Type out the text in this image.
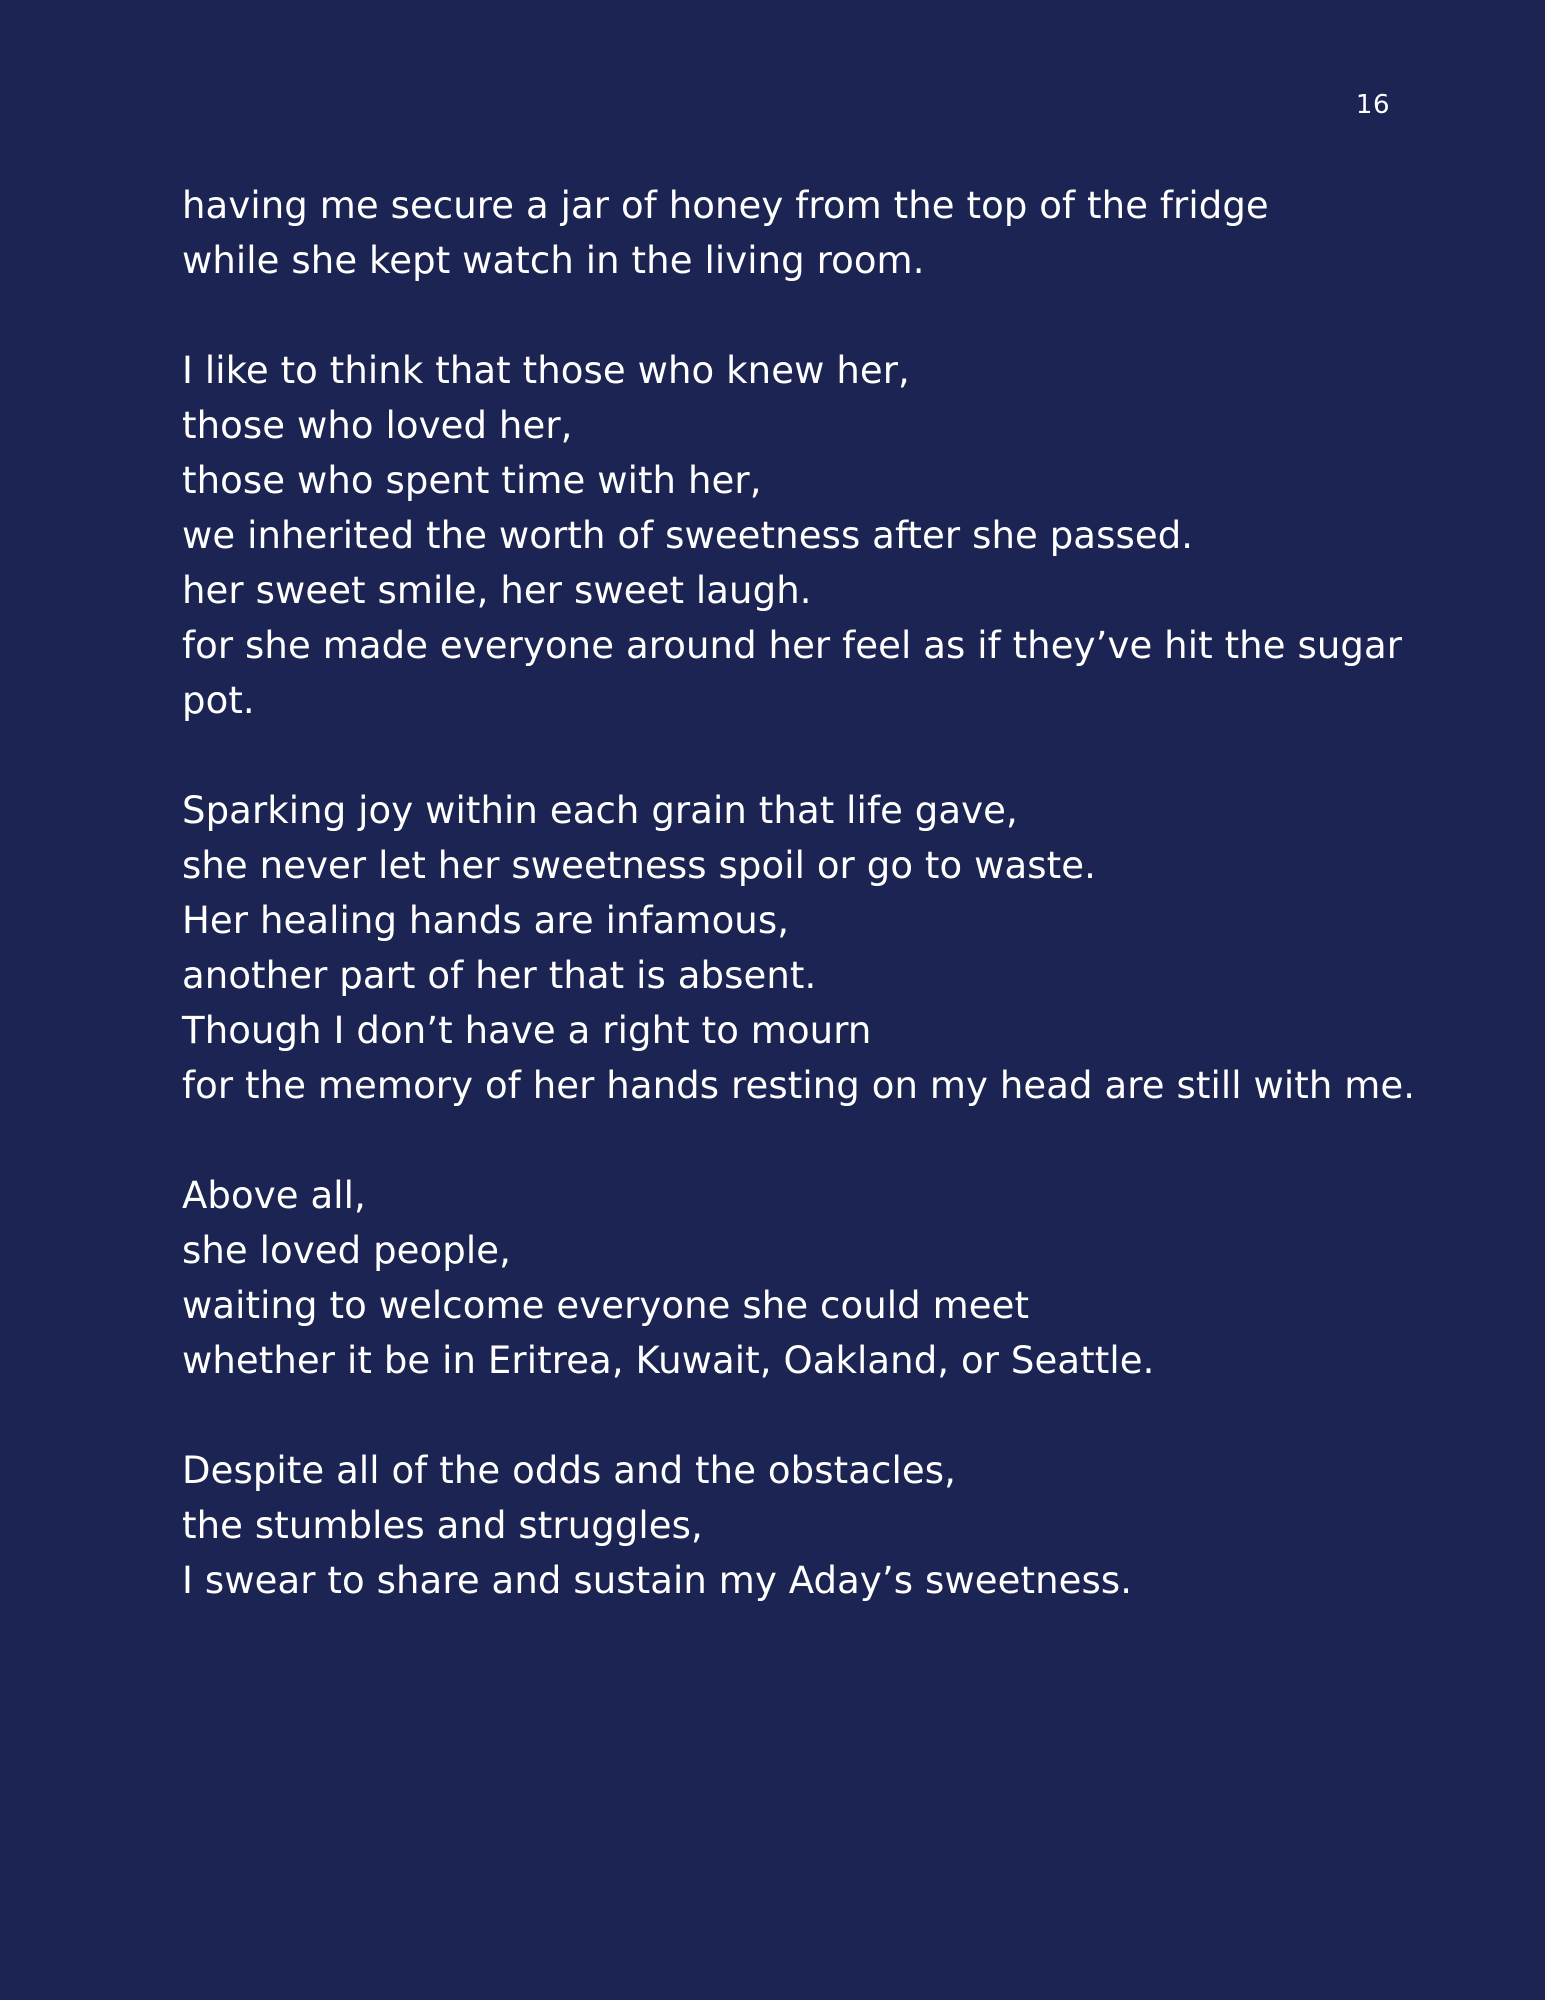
16
having me secure a jar of honey from the top of the fridge
while she kept watch in the living room.
I like to think that those who knew her,
those who loved her,
those who spent time with her,
we inherited the worth of sweetness after she passed.
her sweet smile, her sweet laugh.
for she made everyone around her feel as if they’ve hit the sugar
pot.
Sparking joy within each grain that life gave,
she never let her sweetness spoil or go to waste.
Her healing hands are infamous,
another part of her that is absent.
Though I don’t have a right to mourn
for the memory of her hands resting on my head are still with me.
Above all,
she loved people,
waiting to welcome everyone she could meet
whether it be in Eritrea, Kuwait, Oakland, or Seattle.
Despite all of the odds and the obstacles,
the stumbles and struggles,
I swear to share and sustain my Aday’s sweetness.
